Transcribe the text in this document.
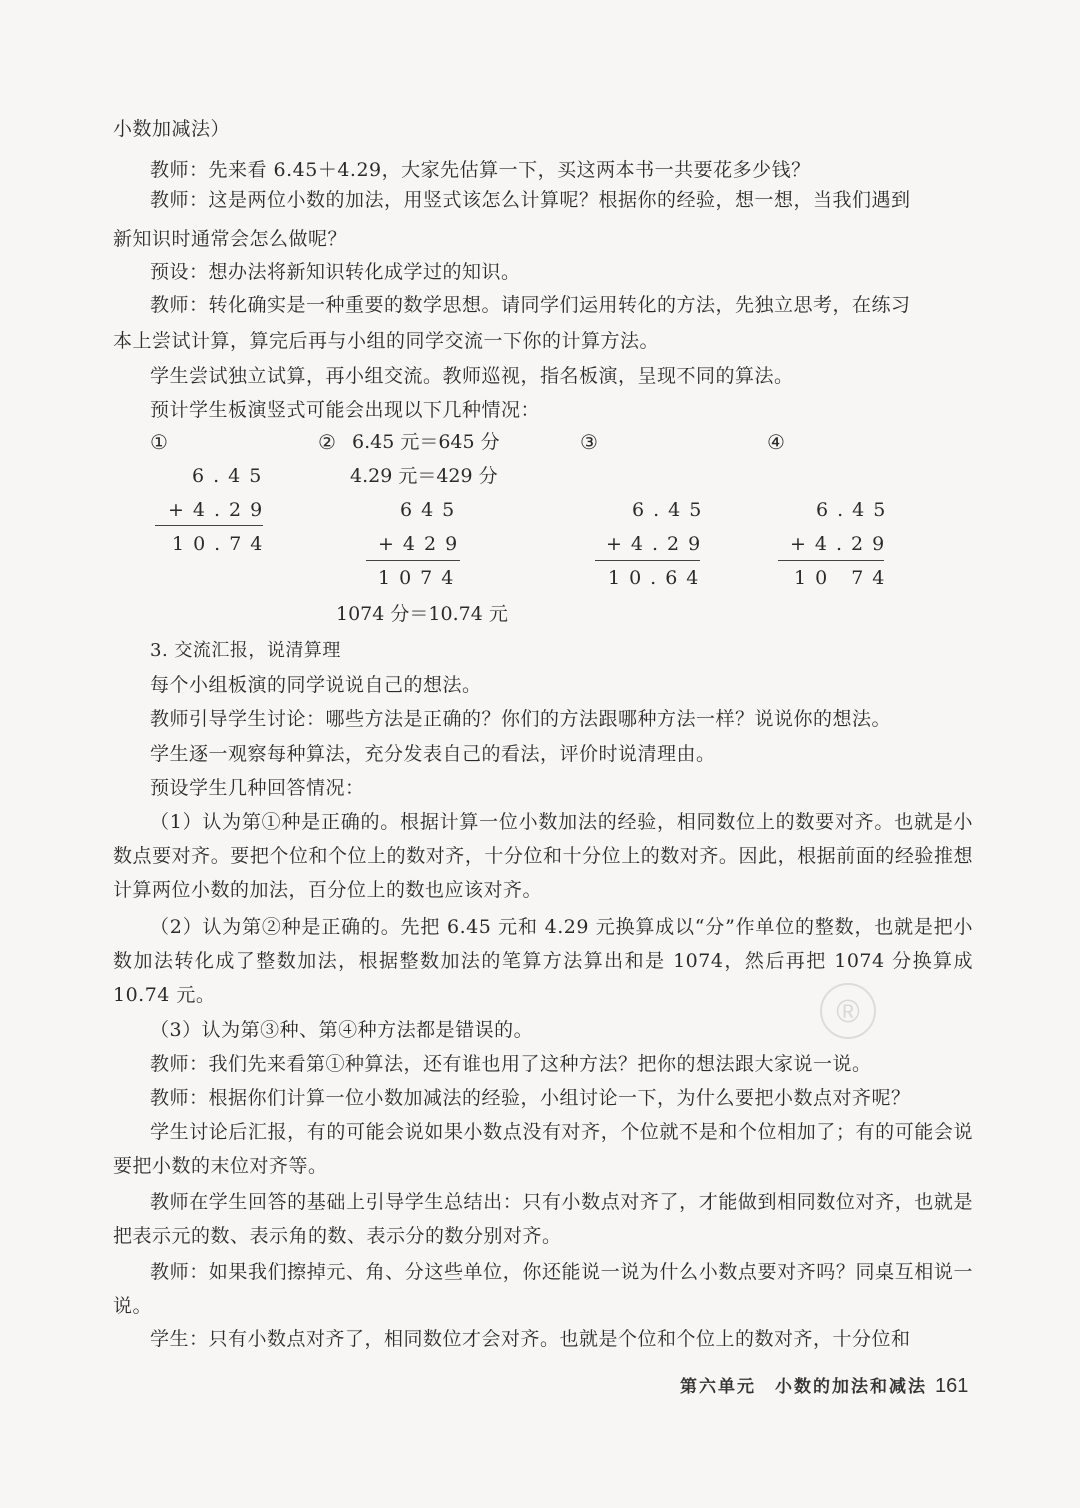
小数加减法）
教师：先来看 6.45＋4.29，大家先估算一下，买这两本书一共要花多少钱？
教师：这是两位小数的加法，用竖式该怎么计算呢？根据你的经验，想一想，当我们遇到
新知识时通常会怎么做呢？
预设：想办法将新知识转化成学过的知识。
教师：转化确实是一种重要的数学思想。请同学们运用转化的方法，先独立思考，在练习
本上尝试计算，算完后再与小组的同学交流一下你的计算方法。
学生尝试独立试算，再小组交流。教师巡视，指名板演，呈现不同的算法。
预计学生板演竖式可能会出现以下几种情况：
①
6.45
+4.29
10.74
② 6.45 元＝645 分
4.29 元＝429 分
645
+429
1074
1074 分＝10.74 元
③
6.45
+4.29
10.64
④
6.45
+4.29
10 74
3. 交流汇报，说清算理
每个小组板演的同学说说自己的想法。
教师引导学生讨论：哪些方法是正确的？你们的方法跟哪种方法一样？说说你的想法。
学生逐一观察每种算法，充分发表自己的看法，评价时说清理由。
预设学生几种回答情况：
（1）认为第①种是正确的。根据计算一位小数加法的经验，相同数位上的数要对齐。也就是小数点要对齐。要把个位和个位上的数对齐，十分位和十分位上的数对齐。因此，根据前面的经验推想计算两位小数的加法，百分位上的数也应该对齐。
（2）认为第②种是正确的。先把 6.45 元和 4.29 元换算成以“分”作单位的整数，也就是把小数加法转化成了整数加法，根据整数加法的笔算方法算出和是 1074，然后再把 1074 分换算成 10.74 元。	®
（3）认为第③种、第④种方法都是错误的。
教师：我们先来看第①种算法，还有谁也用了这种方法？把你的想法跟大家说一说。
教师：根据你们计算一位小数加减法的经验，小组讨论一下，为什么要把小数点对齐呢？
学生讨论后汇报，有的可能会说如果小数点没有对齐，个位就不是和个位相加了；有的可能会说要把小数的末位对齐等。
教师在学生回答的基础上引导学生总结出：只有小数点对齐了，才能做到相同数位对齐，也就是把表示元的数、表示角的数、表示分的数分别对齐。
教师：如果我们擦掉元、角、分这些单位，你还能说一说为什么小数点要对齐吗？同桌互相说一说。
学生：只有小数点对齐了，相同数位才会对齐。也就是个位和个位上的数对齐，十分位和
第六单元　小数的加法和减法 161
